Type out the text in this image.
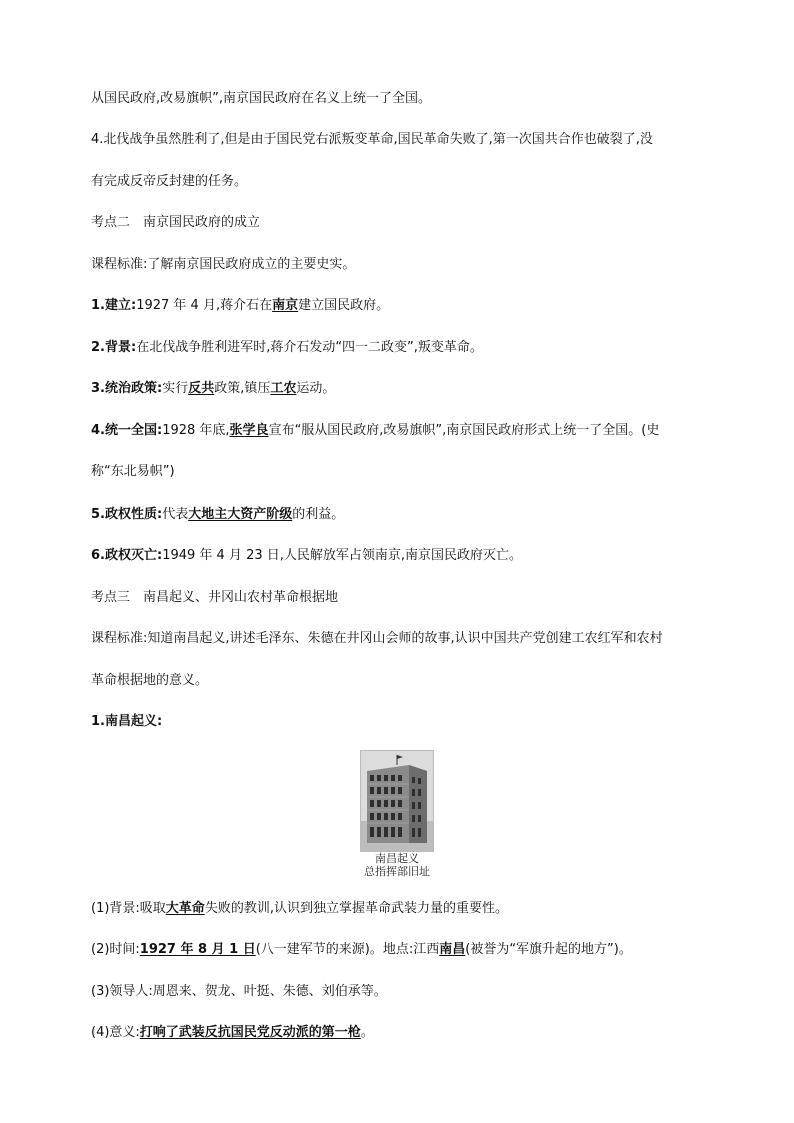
从国民政府,改易旗帜”,南京国民政府在名义上统一了全国。
4.北伐战争虽然胜利了,但是由于国民党右派叛变革命,国民革命失败了,第一次国共合作也破裂了,没
有完成反帝反封建的任务。
考点二　南京国民政府的成立
课程标准:了解南京国民政府成立的主要史实。
1.建立:1927 年 4 月,蒋介石在南京建立国民政府。
2.背景:在北伐战争胜利进军时,蒋介石发动“四一二政变”,叛变革命。
3.统治政策:实行反共政策,镇压工农运动。
4.统一全国:1928 年底,张学良宣布“服从国民政府,改易旗帜”,南京国民政府形式上统一了全国。(史
称“东北易帜”)
5.政权性质:代表大地主大资产阶级的利益。
6.政权灭亡:1949 年 4 月 23 日,人民解放军占领南京,南京国民政府灭亡。
考点三　南昌起义、井冈山农村革命根据地
课程标准:知道南昌起义,讲述毛泽东、朱德在井冈山会师的故事,认识中国共产党创建工农红军和农村
革命根据地的意义。
1.南昌起义:
南昌起义
总指挥部旧址
(1)背景:吸取大革命失败的教训,认识到独立掌握革命武装力量的重要性。
(2)时间:1927 年 8 月 1 日(八一建军节的来源)。地点:江西南昌(被誉为“军旗升起的地方”)。
(3)领导人:周恩来、贺龙、叶挺、朱德、刘伯承等。
(4)意义:打响了武装反抗国民党反动派的第一枪。
